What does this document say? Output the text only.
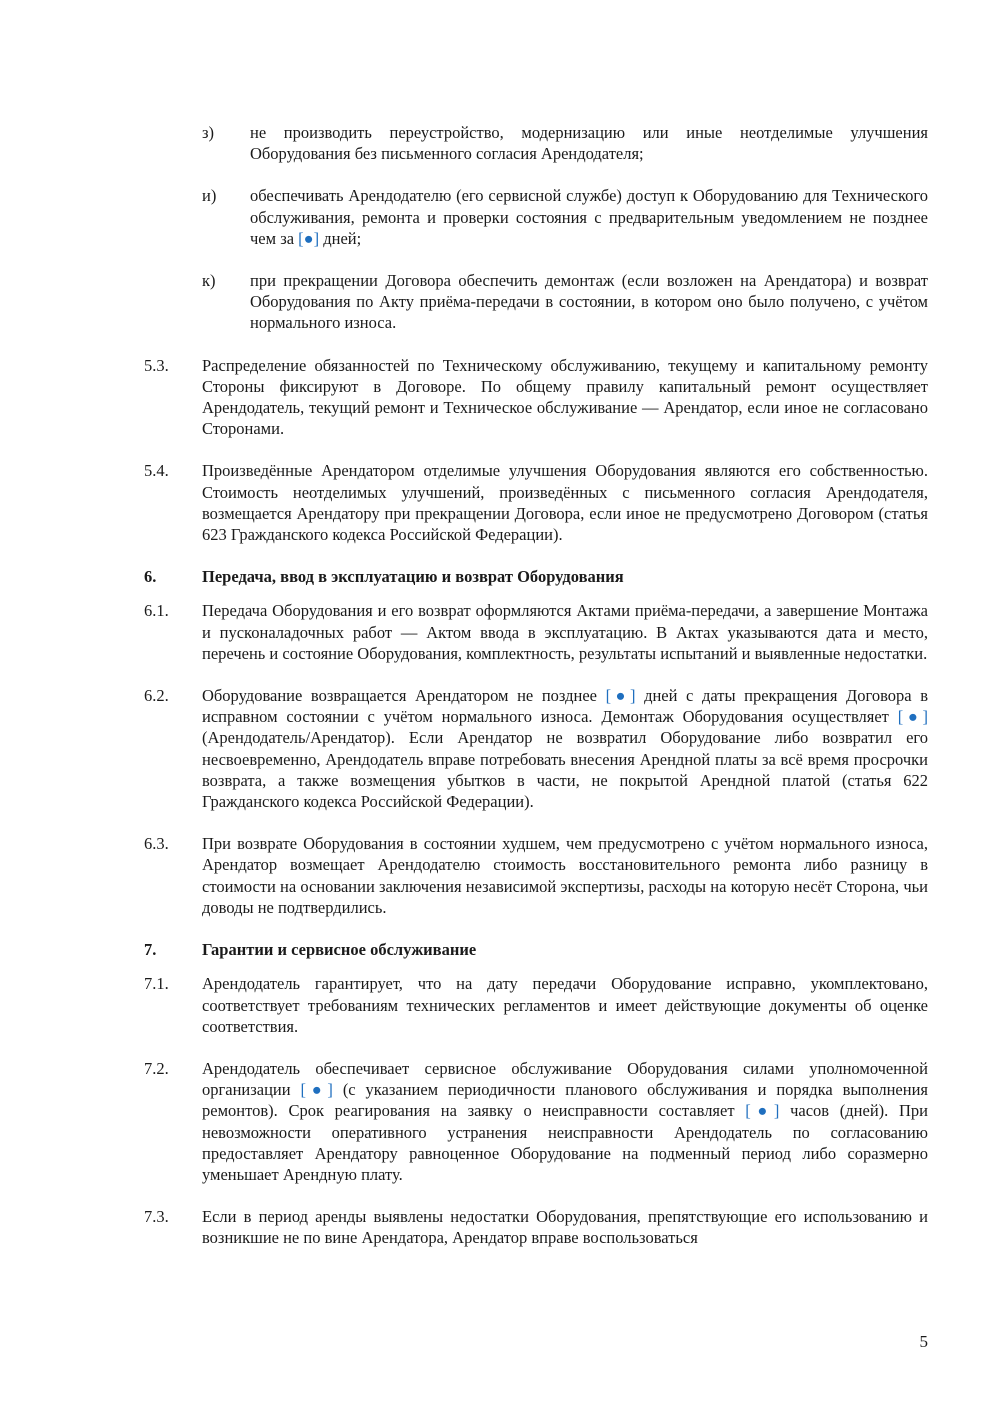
з)	не производить переустройство, модернизацию или иные неотделимые улучшения Оборудования без письменного согласия Арендодателя;
и)	обеспечивать Арендодателю (его сервисной службе) доступ к Оборудованию для Технического обслуживания, ремонта и проверки состояния с предварительным уведомлением не позднее чем за [●] дней;
к)	при прекращении Договора обеспечить демонтаж (если возложен на Арендатора) и возврат Оборудования по Акту приёма-передачи в состоянии, в котором оно было получено, с учётом нормального износа.
5.3.	Распределение обязанностей по Техническому обслуживанию, текущему и капитальному ремонту Стороны фиксируют в Договоре. По общему правилу капитальный ремонт осуществляет Арендодатель, текущий ремонт и Техническое обслуживание — Арендатор, если иное не согласовано Сторонами.
5.4.	Произведённые Арендатором отделимые улучшения Оборудования являются его собственностью. Стоимость неотделимых улучшений, произведённых с письменного согласия Арендодателя, возмещается Арендатору при прекращении Договора, если иное не предусмотрено Договором (статья 623 Гражданского кодекса Российской Федерации).
6.	Передача, ввод в эксплуатацию и возврат Оборудования
6.1.	Передача Оборудования и его возврат оформляются Актами приёма-передачи, а завершение Монтажа и пусконаладочных работ — Актом ввода в эксплуатацию. В Актах указываются дата и место, перечень и состояние Оборудования, комплектность, результаты испытаний и выявленные недостатки.
6.2.	Оборудование возвращается Арендатором не позднее [●] дней с даты прекращения Договора в исправном состоянии с учётом нормального износа. Демонтаж Оборудования осуществляет [●] (Арендодатель/Арендатор). Если Арендатор не возвратил Оборудование либо возвратил его несвоевременно, Арендодатель вправе потребовать внесения Арендной платы за всё время просрочки возврата, а также возмещения убытков в части, не покрытой Арендной платой (статья 622 Гражданского кодекса Российской Федерации).
6.3.	При возврате Оборудования в состоянии худшем, чем предусмотрено с учётом нормального износа, Арендатор возмещает Арендодателю стоимость восстановительного ремонта либо разницу в стоимости на основании заключения независимой экспертизы, расходы на которую несёт Сторона, чьи доводы не подтвердились.
7.	Гарантии и сервисное обслуживание
7.1.	Арендодатель гарантирует, что на дату передачи Оборудование исправно, укомплектовано, соответствует требованиям технических регламентов и имеет действующие документы об оценке соответствия.
7.2.	Арендодатель обеспечивает сервисное обслуживание Оборудования силами уполномоченной организации [●] (с указанием периодичности планового обслуживания и порядка выполнения ремонтов). Срок реагирования на заявку о неисправности составляет [●] часов (дней). При невозможности оперативного устранения неисправности Арендодатель по согласованию предоставляет Арендатору равноценное Оборудование на подменный период либо соразмерно уменьшает Арендную плату.
7.3.	Если в период аренды выявлены недостатки Оборудования, препятствующие его использованию и возникшие не по вине Арендатора, Арендатор вправе воспользоваться
5
